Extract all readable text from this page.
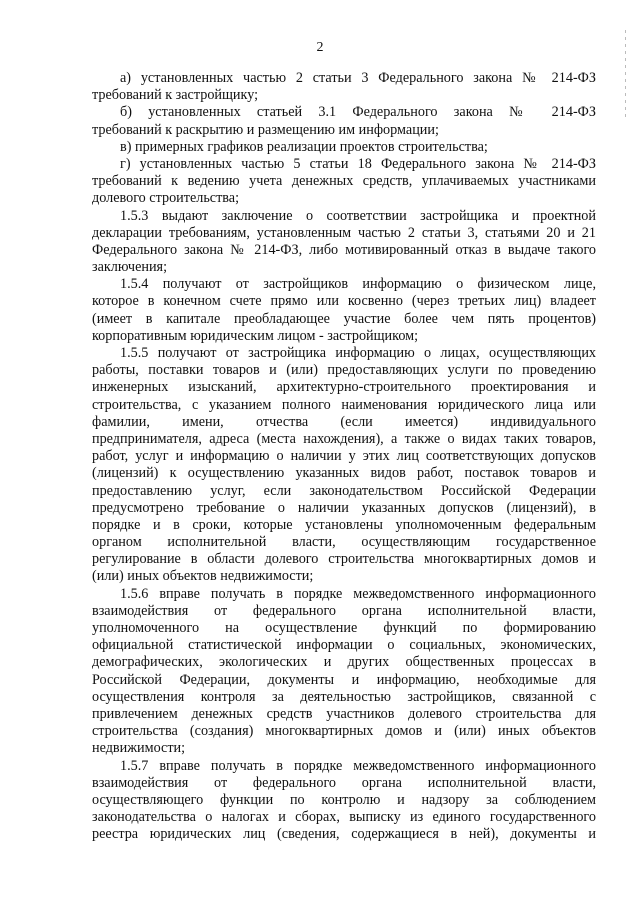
2
а) установленных частью 2 статьи 3 Федерального закона № 214-ФЗ
требований к застройщику;
б) установленных статьей 3.1 Федерального закона № 214-ФЗ
требований к раскрытию и размещению им информации;
в) примерных графиков реализации проектов строительства;
г) установленных частью 5 статьи 18 Федерального закона № 214-ФЗ
требований к ведению учета денежных средств, уплачиваемых участниками
долевого строительства;
1.5.3 выдают заключение о соответствии застройщика и проектной
декларации требованиям, установленным частью 2 статьи 3, статьями 20 и 21
Федерального закона № 214-ФЗ, либо мотивированный отказ в выдаче такого
заключения;
1.5.4 получают от застройщиков информацию о физическом лице,
которое в конечном счете прямо или косвенно (через третьих лиц) владеет
(имеет в капитале преобладающее участие более чем пять процентов)
корпоративным юридическим лицом - застройщиком;
1.5.5 получают от застройщика информацию о лицах, осуществляющих
работы, поставки товаров и (или) предоставляющих услуги по проведению
инженерных изысканий, архитектурно-строительного проектирования и
строительства, с указанием полного наименования юридического лица или
фамилии, имени, отчества (если имеется) индивидуального
предпринимателя, адреса (места нахождения), а также о видах таких товаров,
работ, услуг и информацию о наличии у этих лиц соответствующих допусков
(лицензий) к осуществлению указанных видов работ, поставок товаров и
предоставлению услуг, если законодательством Российской Федерации
предусмотрено требование о наличии указанных допусков (лицензий), в
порядке и в сроки, которые установлены уполномоченным федеральным
органом исполнительной власти, осуществляющим государственное
регулирование в области долевого строительства многоквартирных домов и
(или) иных объектов недвижимости;
1.5.6 вправе получать в порядке межведомственного информационного
взаимодействия от федерального органа исполнительной власти,
уполномоченного на осуществление функций по формированию
официальной статистической информации о социальных, экономических,
демографических, экологических и других общественных процессах в
Российской Федерации, документы и информацию, необходимые для
осуществления контроля за деятельностью застройщиков, связанной с
привлечением денежных средств участников долевого строительства для
строительства (создания) многоквартирных домов и (или) иных объектов
недвижимости;
1.5.7 вправе получать в порядке межведомственного информационного
взаимодействия от федерального органа исполнительной власти,
осуществляющего функции по контролю и надзору за соблюдением
законодательства о налогах и сборах, выписку из единого государственного
реестра юридических лиц (сведения, содержащиеся в ней), документы и
